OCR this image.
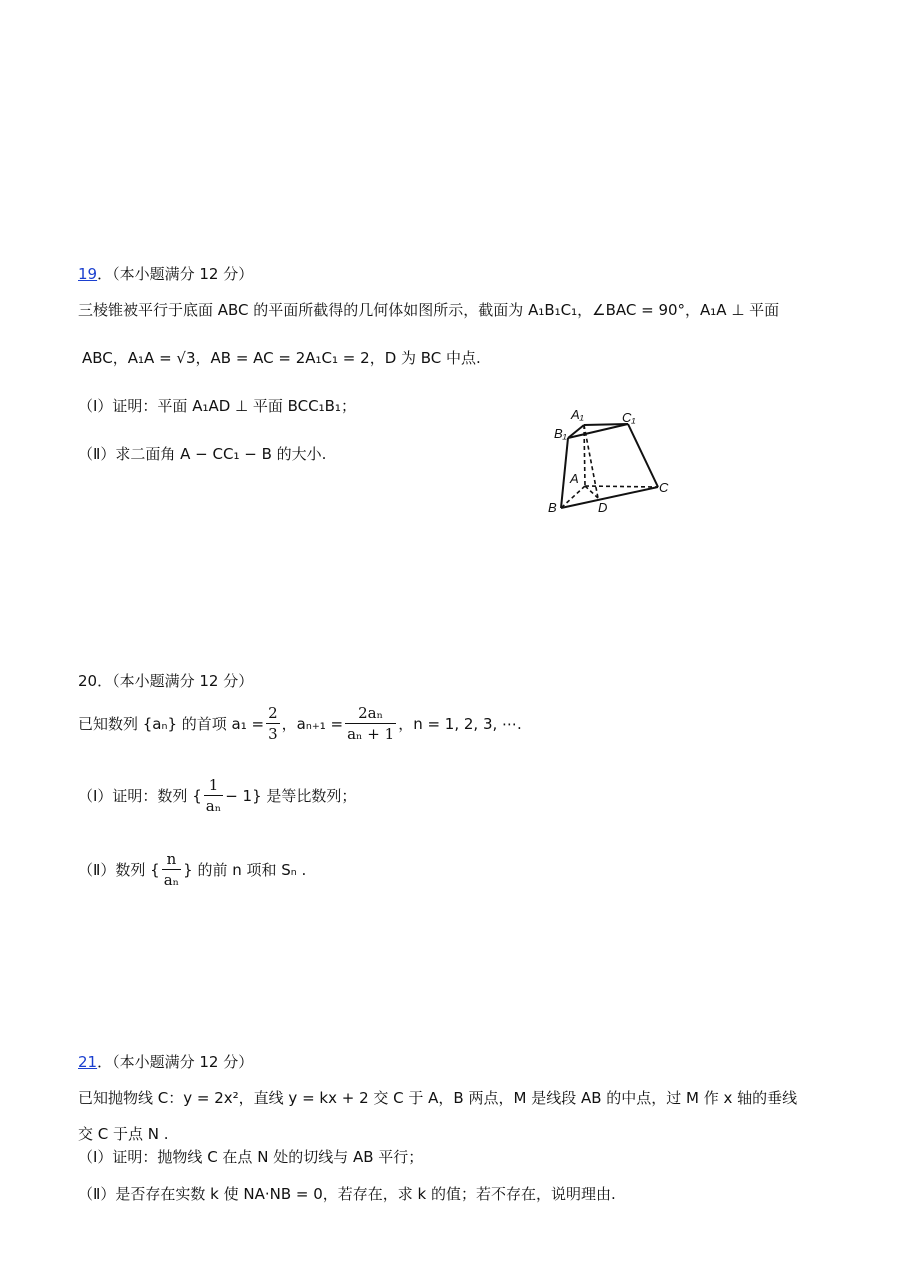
19．（本小题满分 12 分）
三棱锥被平行于底面 ABC 的平面所截得的几何体如图所示，截面为 A₁B₁C₁，∠BAC = 90°，A₁A ⊥ 平面
ABC，A₁A = √3，AB = AC = 2A₁C₁ = 2，D 为 BC 中点.
（Ⅰ）证明：平面 A₁AD ⊥ 平面 BCC₁B₁；
（Ⅱ）求二面角 A − CC₁ − B 的大小.
A₁	C₁
B₁
A
C
B	D
20．（本小题满分 12 分）
已知数列 {aₙ} 的首项 $a_1 = \frac{2}{3}$ ，$a_{n+1} = \frac{\text{2aₙ}}{\text{aₙ + 1}}$ ，n = 1, 2, 3, ⋯.
（Ⅰ）证明：数列 { $\frac{1}{\text{aₙ}} - 1$} 是等比数列；
（Ⅱ）数列 { $\frac{n}{\text{aₙ}}$ } 的前 n 项和 Sₙ .
21．（本小题满分 12 分）
已知抛物线 C：y = 2x²，直线 y = kx + 2 交 C 于 A，B 两点，M 是线段 AB 的中点，过 M 作 x 轴的垂线
交 C 于点 N .
（Ⅰ）证明：抛物线 C 在点 N 处的切线与 AB 平行；
（Ⅱ）是否存在实数 k 使 NA·NB = 0，若存在，求 k 的值；若不存在，说明理由.
